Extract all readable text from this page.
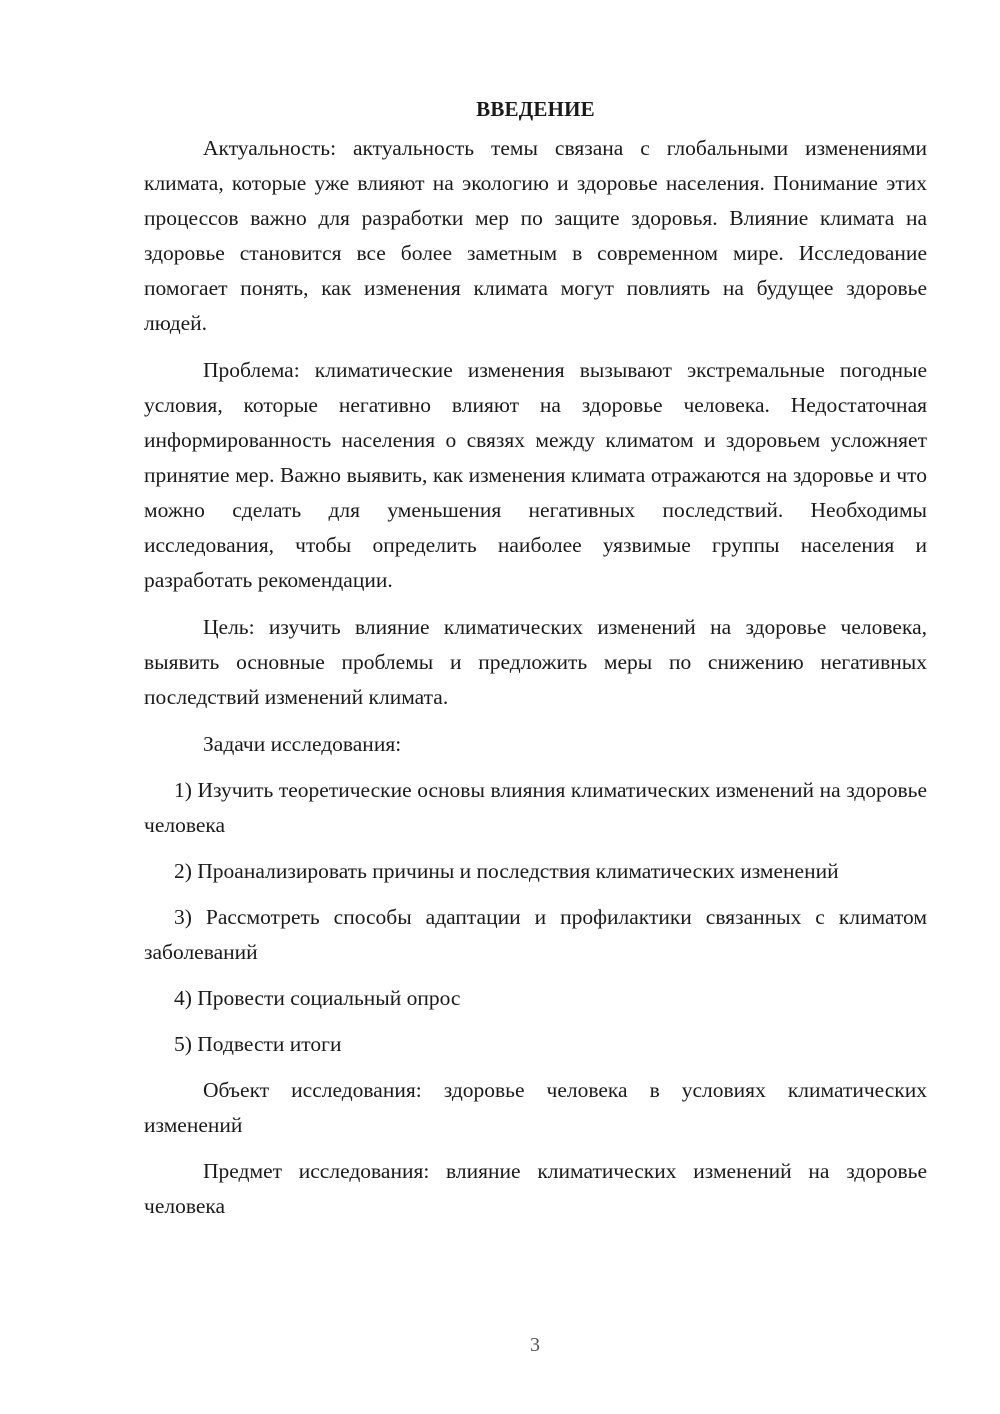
ВВЕДЕНИЕ

Актуальность: актуальность темы связана с глобальными изменениями климата, которые уже влияют на экологию и здоровье населения. Понимание этих процессов важно для разработки мер по защите здоровья. Влияние климата на здоровье становится все более заметным в современном мире. Исследование помогает понять, как изменения климата могут повлиять на будущее здоровье людей.

Проблема: климатические изменения вызывают экстремальные погодные условия, которые негативно влияют на здоровье человека. Недостаточная информированность населения о связях между климатом и здоровьем усложняет принятие мер. Важно выявить, как изменения климата отражаются на здоровье и что можно сделать для уменьшения негативных последствий. Необходимы исследования, чтобы определить наиболее уязвимые группы населения и разработать рекомендации.

Цель: изучить влияние климатических изменений на здоровье человека, выявить основные проблемы и предложить меры по снижению негативных последствий изменений климата.

Задачи исследования:

1) Изучить теоретические основы влияния климатических изменений на здоровье человека

2) Проанализировать причины и последствия климатических изменений

3) Рассмотреть способы адаптации и профилактики связанных с климатом заболеваний

4) Провести социальный опрос

5) Подвести итоги

Объект исследования: здоровье человека в условиях климатических изменений

Предмет исследования: влияние климатических изменений на здоровье человека

3
